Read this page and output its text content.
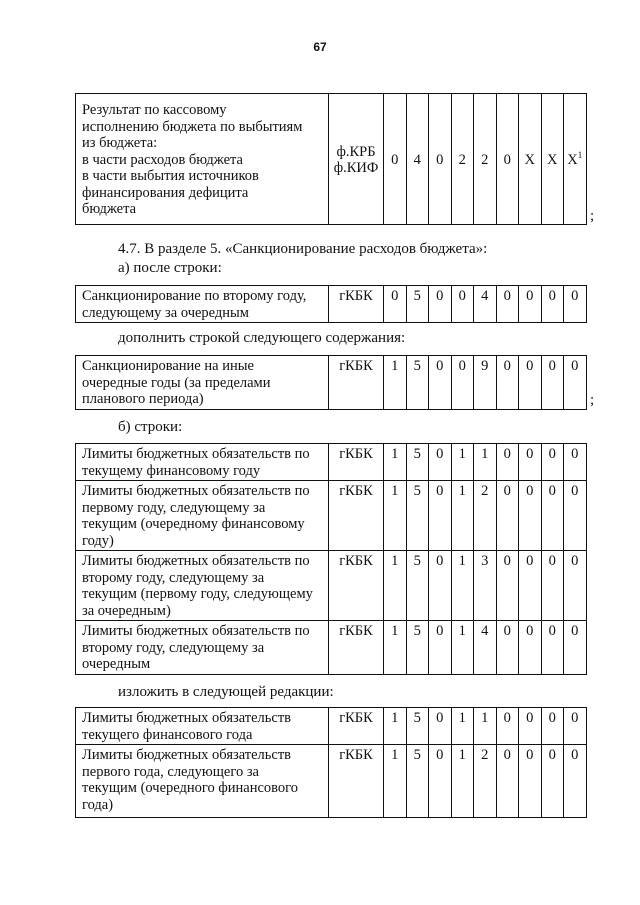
67
Результат по кассовому
исполнению бюджета по выбытиям
из бюджета:
в части расходов бюджета
в части выбытия источников
финансирования дефицита
бюджета

ф.КРБ
ф.КИФ
	0	4	0	2	2	0	X	X	$X^1$
;
4.7. В разделе 5. «Санкционирование расходов бюджета»:
а) после строки:
Санкционирование по второму году,
следующему за очередным
	гКБК	0	5	0	0	4	0	0	0	0
дополнить строкой следующего содержания:
Санкционирование на иные
очередные годы (за пределами
планового периода)
	гКБК	1	5	0	0	9	0	0	0	0
;
б) строки:
Лимиты бюджетных обязательств по
текущему финансовому году	гКБК	1	5	0	1	1	0	0	0	0

Лимиты бюджетных обязательств по
первому году, следующему за
текущим (очередному финансовому
году)	гКБК	1	5	0	1	2	0	0	0	0

Лимиты бюджетных обязательств по
второму году, следующему за
текущим (первому году, следующему
за очередным)	гКБК	1	5	0	1	3	0	0	0	0

Лимиты бюджетных обязательств по
второму году, следующему за
очередным	гКБК	1	5	0	1	4	0	0	0	0
изложить в следующей редакции:
Лимиты бюджетных обязательств
текущего финансового года	гКБК	1	5	0	1	1	0	0	0	0

Лимиты бюджетных обязательств
первого года, следующего за
текущим (очередного финансового
года)	гКБК	1	5	0	1	2	0	0	0	0
